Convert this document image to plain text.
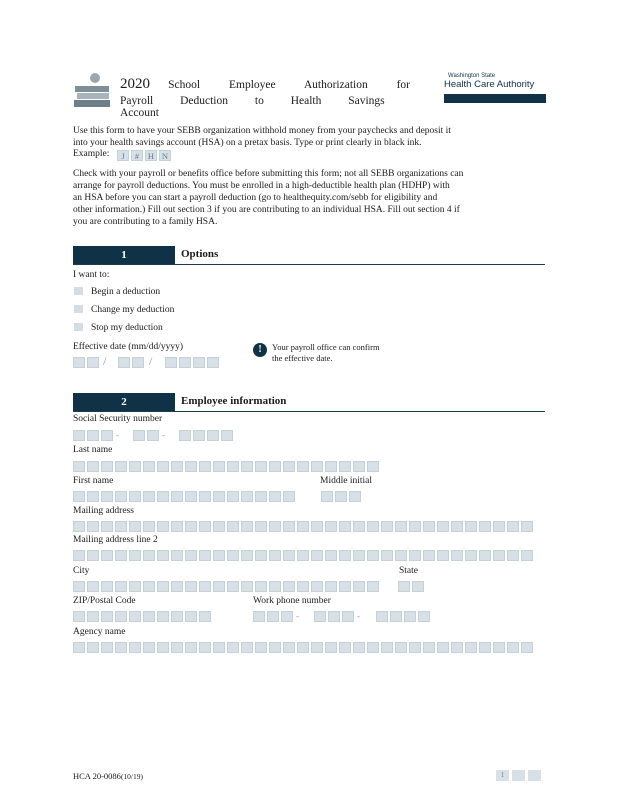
2020 School Employee Authorization for
Payroll Deduction to Health Savings Account
Washington State
Health Care Authority
SEBB PROGRAM
Use this form to have your SEBB organization withhold money from your paychecks and deposit it
into your health savings account (HSA) on a pretax basis. Type or print clearly in black ink.
Example:	J	#	H N
Check with your payroll or benefits office before submitting this form; not all SEBB organizations can
arrange for payroll deductions. You must be enrolled in a high-deductible health plan (HDHP) with
an HSA before you can start a payroll deduction (go to healthequity.com/sebb for eligibility and
other information.) Fill out section 3 if you are contributing to an individual HSA. Fill out section 4 if
you are contributing to a family HSA.
1	Options
I want to:
Begin a deduction
Change my deduction
Stop my deduction
Effective date (mm/dd/yyyy)
/	/
!	Your payroll office can confirm
the effective date.
2	Employee information
Social Security number
-	-
Last name
First name	Middle initial
Mailing address
Mailing address line 2
City	State
ZIP/Postal Code	Work phone number
-	-
Agency name
HCA 20-0086(10/19)	1
